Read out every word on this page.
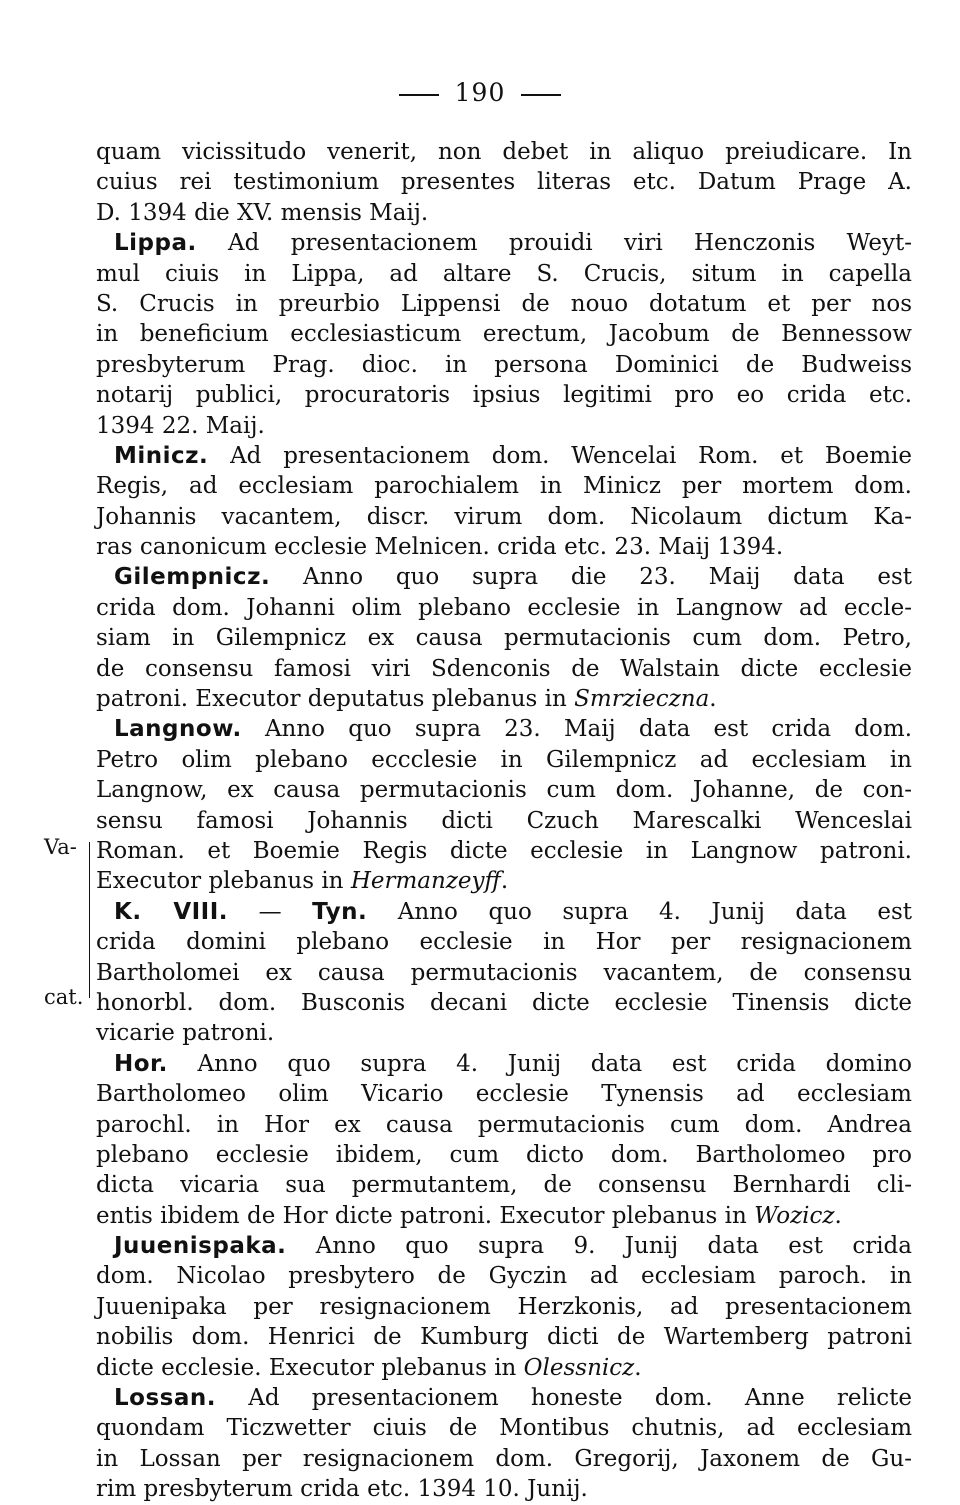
190
Va-
cat.
quam vicissitudo venerit, non debet in aliquo preiudicare. In
cuius rei testimonium presentes literas etc. Datum Prage A.
D. 1394 die XV. mensis Maij.
Lippa. Ad presentacionem prouidi viri Henczonis Weyt-
mul ciuis in Lippa, ad altare S. Crucis, situm in capella
S. Crucis in preurbio Lippensi de nouo dotatum et per nos
in beneficium ecclesiasticum erectum, Jacobum de Bennessow
presbyterum Prag. dioc. in persona Dominici de Budweiss
notarij publici, procuratoris ipsius legitimi pro eo crida etc.
1394 22. Maij.
Minicz. Ad presentacionem dom. Wencelai Rom. et Boemie
Regis, ad ecclesiam parochialem in Minicz per mortem dom.
Johannis vacantem, discr. virum dom. Nicolaum dictum Ka-
ras canonicum ecclesie Melnicen. crida etc. 23. Maij 1394.
Gilempnicz. Anno quo supra die 23. Maij data est
crida dom. Johanni olim plebano ecclesie in Langnow ad eccle-
siam in Gilempnicz ex causa permutacionis cum dom. Petro,
de consensu famosi viri Sdenconis de Walstain dicte ecclesie
patroni. Executor deputatus plebanus in Smrzieczna.
Langnow. Anno quo supra 23. Maij data est crida dom.
Petro olim plebano eccclesie in Gilempnicz ad ecclesiam in
Langnow, ex causa permutacionis cum dom. Johanne, de con-
sensu famosi Johannis dicti Czuch Marescalki Wenceslai
Roman. et Boemie Regis dicte ecclesie in Langnow patroni.
Executor plebanus in Hermanzeyff.
K. VIII. — Tyn. Anno quo supra 4. Junij data est
crida domini plebano ecclesie in Hor per resignacionem
Bartholomei ex causa permutacionis vacantem, de consensu
honorbl. dom. Busconis decani dicte ecclesie Tinensis dicte
vicarie patroni.
Hor. Anno quo supra 4. Junij data est crida domino
Bartholomeo olim Vicario ecclesie Tynensis ad ecclesiam
parochl. in Hor ex causa permutacionis cum dom. Andrea
plebano ecclesie ibidem, cum dicto dom. Bartholomeo pro
dicta vicaria sua permutantem, de consensu Bernhardi cli-
entis ibidem de Hor dicte patroni. Executor plebanus in Wozicz.
Juuenispaka. Anno quo supra 9. Junij data est crida
dom. Nicolao presbytero de Gyczin ad ecclesiam paroch. in
Juuenipaka per resignacionem Herzkonis, ad presentacionem
nobilis dom. Henrici de Kumburg dicti de Wartemberg patroni
dicte ecclesie. Executor plebanus in Olessnicz.
Lossan. Ad presentacionem honeste dom. Anne relicte
quondam Ticzwetter ciuis de Montibus chutnis, ad ecclesiam
in Lossan per resignacionem dom. Gregorij, Jaxonem de Gu-
rim presbyterum crida etc. 1394 10. Junij.
